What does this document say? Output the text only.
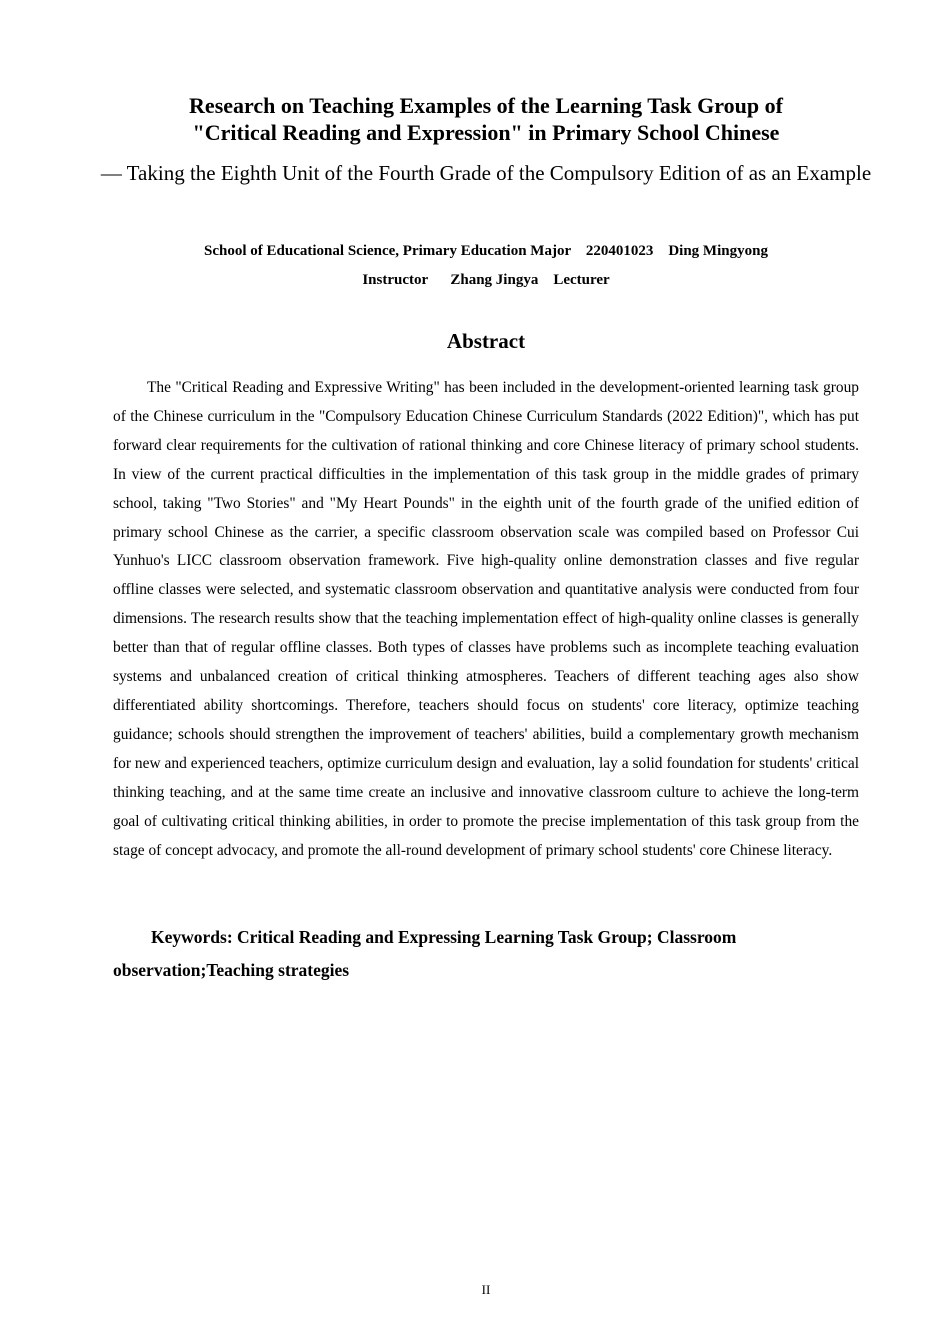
Research on Teaching Examples of the Learning Task Group of
"Critical Reading and Expression" in Primary School Chinese

— Taking the Eighth Unit of the Fourth Grade of the Compulsory Edition of as an Example

School of Educational Science, Primary Education Major    220401023    Ding Mingyong
Instructor      Zhang Jingya    Lecturer
Abstract

The "Critical Reading and Expressive Writing" has been included in the development-oriented learning task group of the Chinese curriculum in the "Compulsory Education Chinese Curriculum Standards (2022 Edition)", which has put forward clear requirements for the cultivation of rational thinking and core Chinese literacy of primary school students. In view of the current practical difficulties in the implementation of this task group in the middle grades of primary school, taking "Two Stories" and "My Heart Pounds" in the eighth unit of the fourth grade of the unified edition of primary school Chinese as the carrier, a specific classroom observation scale was compiled based on Professor Cui Yunhuo's LICC classroom observation framework. Five high-quality online demonstration classes and five regular offline classes were selected, and systematic classroom observation and quantitative analysis were conducted from four dimensions. The research results show that the teaching implementation effect of high-quality online classes is generally better than that of regular offline classes. Both types of classes have problems such as incomplete teaching evaluation systems and unbalanced creation of critical thinking atmospheres. Teachers of different teaching ages also show differentiated ability shortcomings. Therefore, teachers should focus on students' core literacy, optimize teaching guidance; schools should strengthen the improvement of teachers' abilities, build a complementary growth mechanism for new and experienced teachers, optimize curriculum design and evaluation, lay a solid foundation for students' critical thinking teaching, and at the same time create an inclusive and innovative classroom culture to achieve the long-term goal of cultivating critical thinking abilities, in order to promote the precise implementation of this task group from the stage of concept advocacy, and promote the all-round development of primary school students' core Chinese literacy.

Keywords: Critical Reading and Expressing Learning Task Group; Classroom observation;Teaching strategies

II
